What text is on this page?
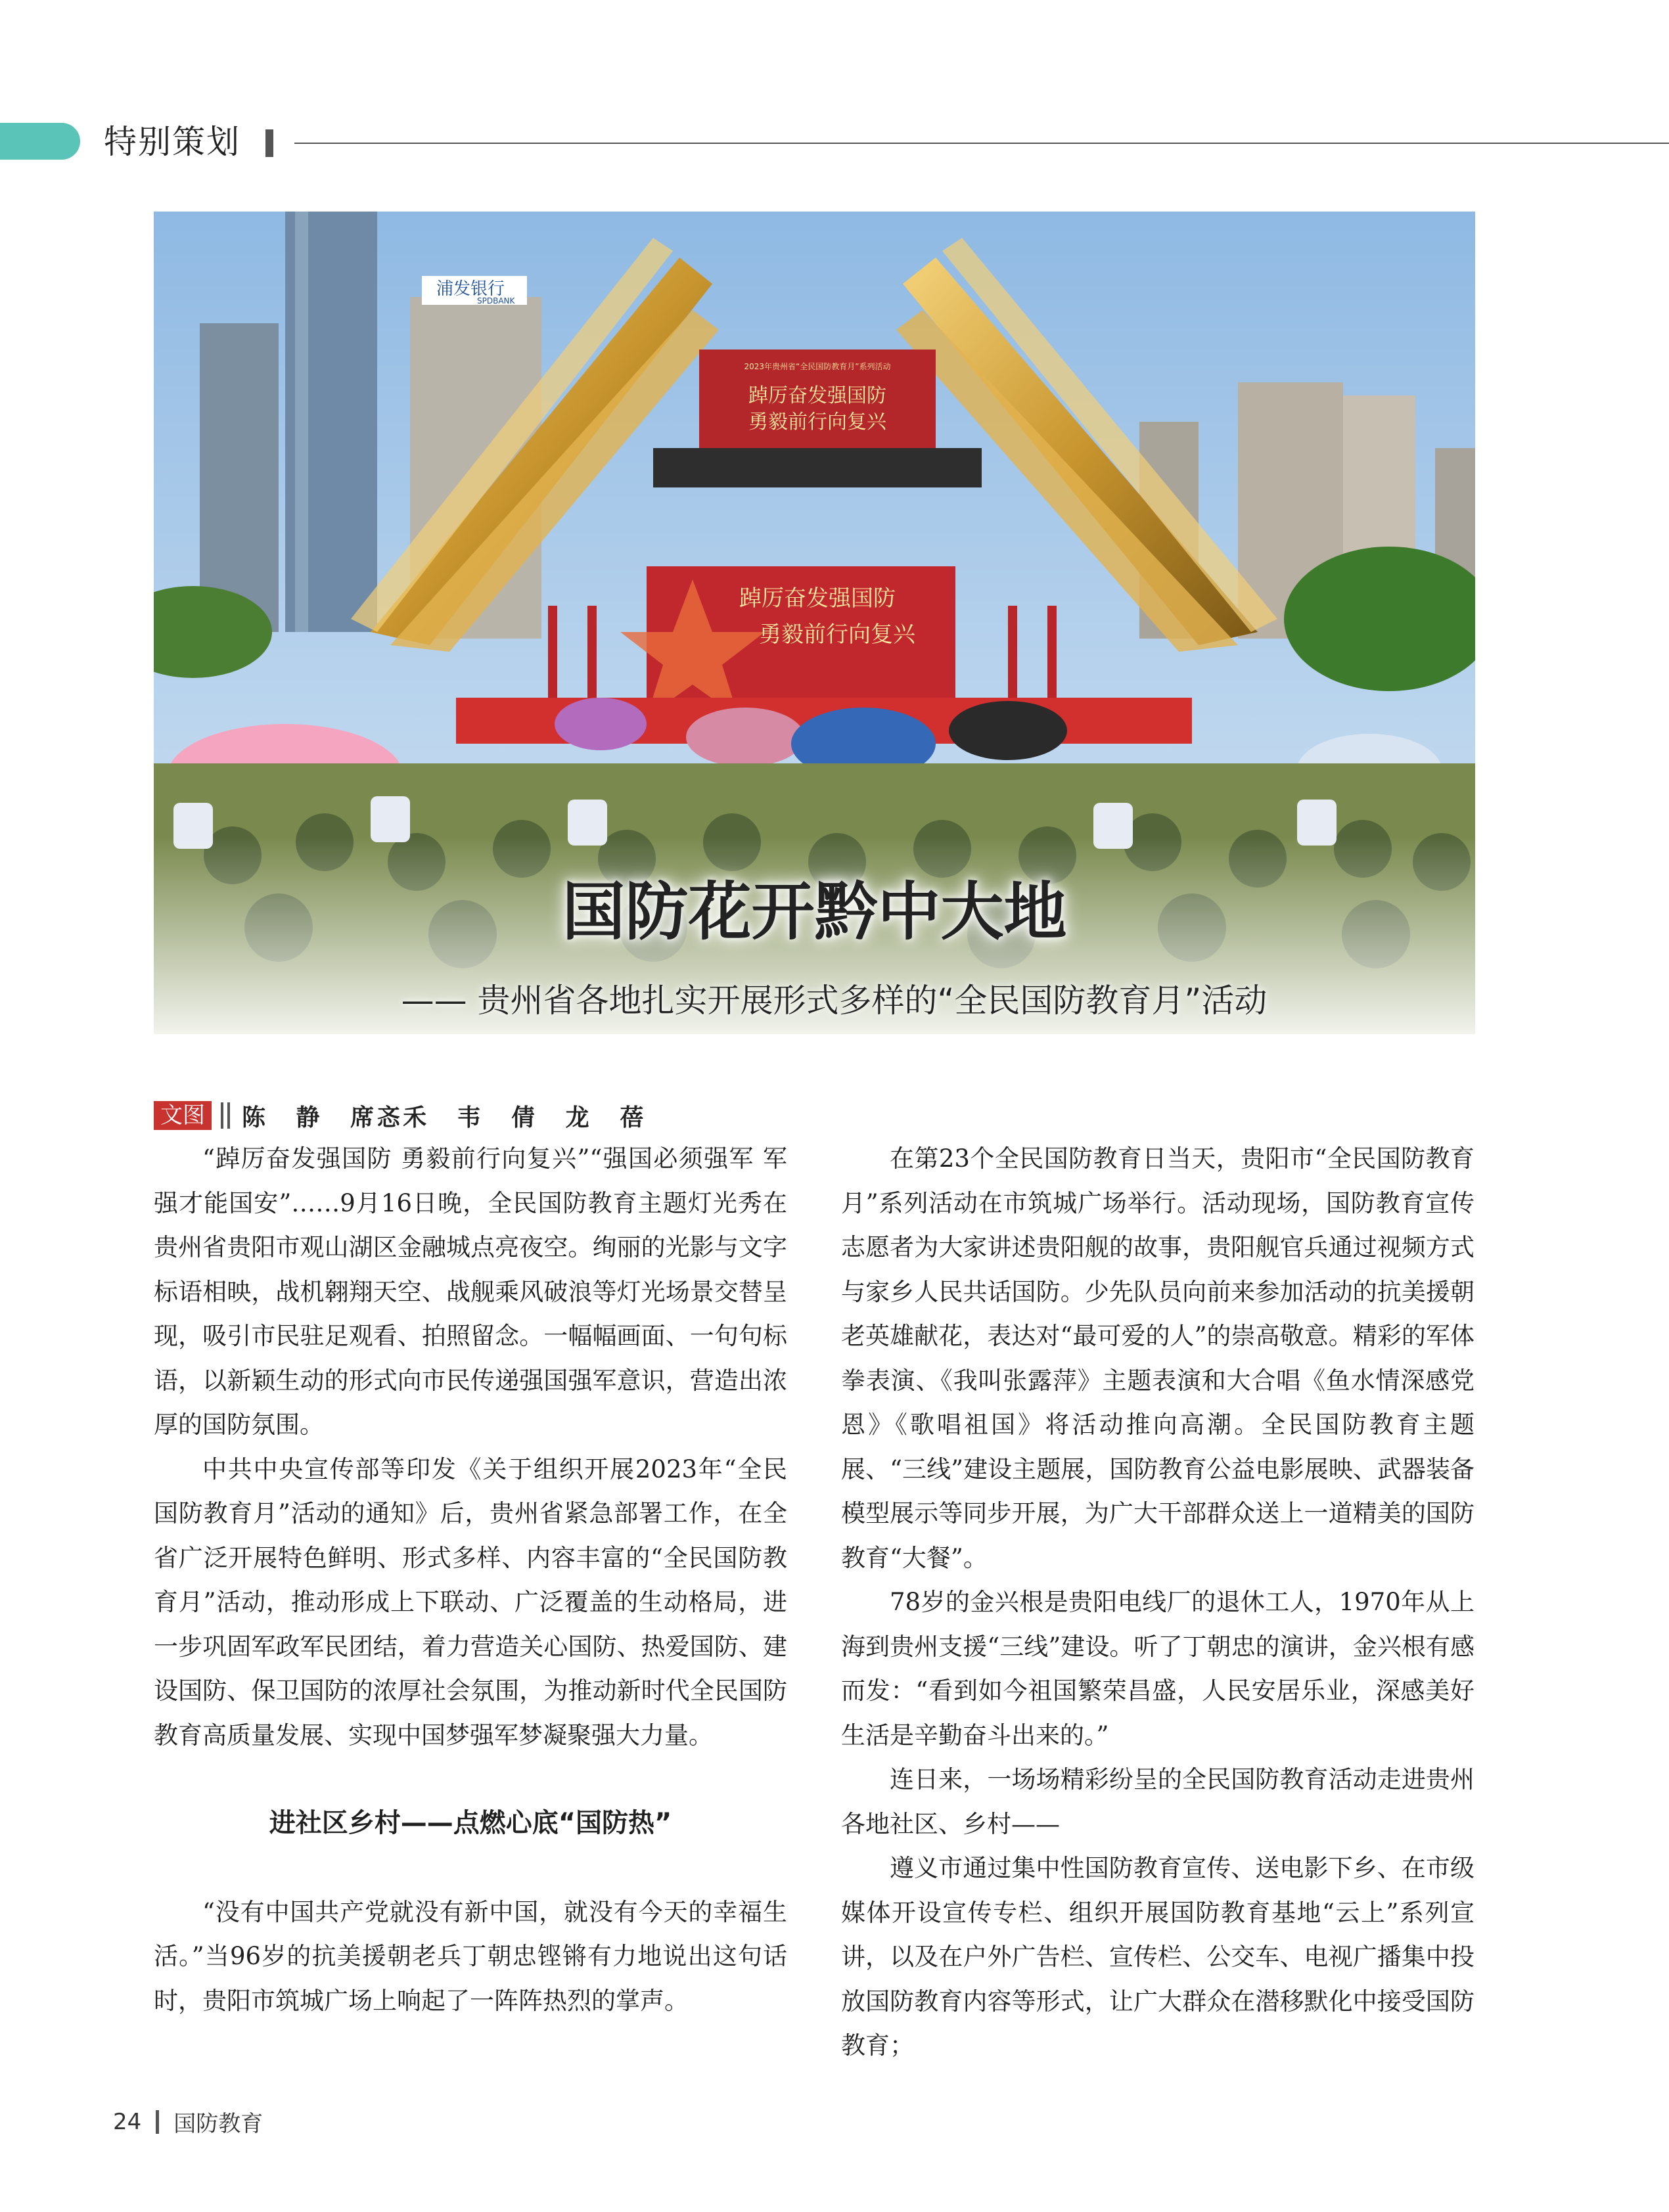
特别策划
浦发银行
SPDBANK
2023年贵州省“全民国防教育月”系列活动
踔厉奋发强国防
勇毅前行向复兴
踔厉奋发强国防
勇毅前行向复兴
国防花开黔中大地
—— 贵州省各地扎实开展形式多样的“全民国防教育月”活动
文图 陈 静 席忞禾 韦 倩 龙 蓓

“踔厉奋发强国防 勇毅前行向复兴”“强国必须强军 军强才能国安”……9月16日晚，全民国防教育主题灯光秀在贵州省贵阳市观山湖区金融城点亮夜空。绚丽的光影与文字标语相映，战机翱翔天空、战舰乘风破浪等灯光场景交替呈现，吸引市民驻足观看、拍照留念。一幅幅画面、一句句标语，以新颖生动的形式向市民传递强国强军意识，营造出浓厚的国防氛围。

中共中央宣传部等印发《关于组织开展2023年“全民国防教育月”活动的通知》后，贵州省紧急部署工作，在全省广泛开展特色鲜明、形式多样、内容丰富的“全民国防教育月”活动，推动形成上下联动、广泛覆盖的生动格局，进一步巩固军政军民团结，着力营造关心国防、热爱国防、建设国防、保卫国防的浓厚社会氛围，为推动新时代全民国防教育高质量发展、实现中国梦强军梦凝聚强大力量。

进社区乡村——点燃心底“国防热”

“没有中国共产党就没有新中国，就没有今天的幸福生活。”当96岁的抗美援朝老兵丁朝忠铿锵有力地说出这句话时，贵阳市筑城广场上响起了一阵阵热烈的掌声。

在第23个全民国防教育日当天，贵阳市“全民国防教育月”系列活动在市筑城广场举行。活动现场，国防教育宣传志愿者为大家讲述贵阳舰的故事，贵阳舰官兵通过视频方式与家乡人民共话国防。少先队员向前来参加活动的抗美援朝老英雄献花，表达对“最可爱的人”的崇高敬意。精彩的军体拳表演、《我叫张露萍》主题表演和大合唱《鱼水情深感党恩》《歌唱祖国》将活动推向高潮。全民国防教育主题展、“三线”建设主题展，国防教育公益电影展映、武器装备模型展示等同步开展，为广大干部群众送上一道精美的国防教育“大餐”。

78岁的金兴根是贵阳电线厂的退休工人，1970年从上海到贵州支援“三线”建设。听了丁朝忠的演讲，金兴根有感而发：“看到如今祖国繁荣昌盛，人民安居乐业，深感美好生活是辛勤奋斗出来的。”

连日来，一场场精彩纷呈的全民国防教育活动走进贵州各地社区、乡村——

遵义市通过集中性国防教育宣传、送电影下乡、在市级媒体开设宣传专栏、组织开展国防教育基地“云上”系列宣讲，以及在户外广告栏、宣传栏、公交车、电视广播集中投放国防教育内容等形式，让广大群众在潜移默化中接受国防教育；

24 国防教育
